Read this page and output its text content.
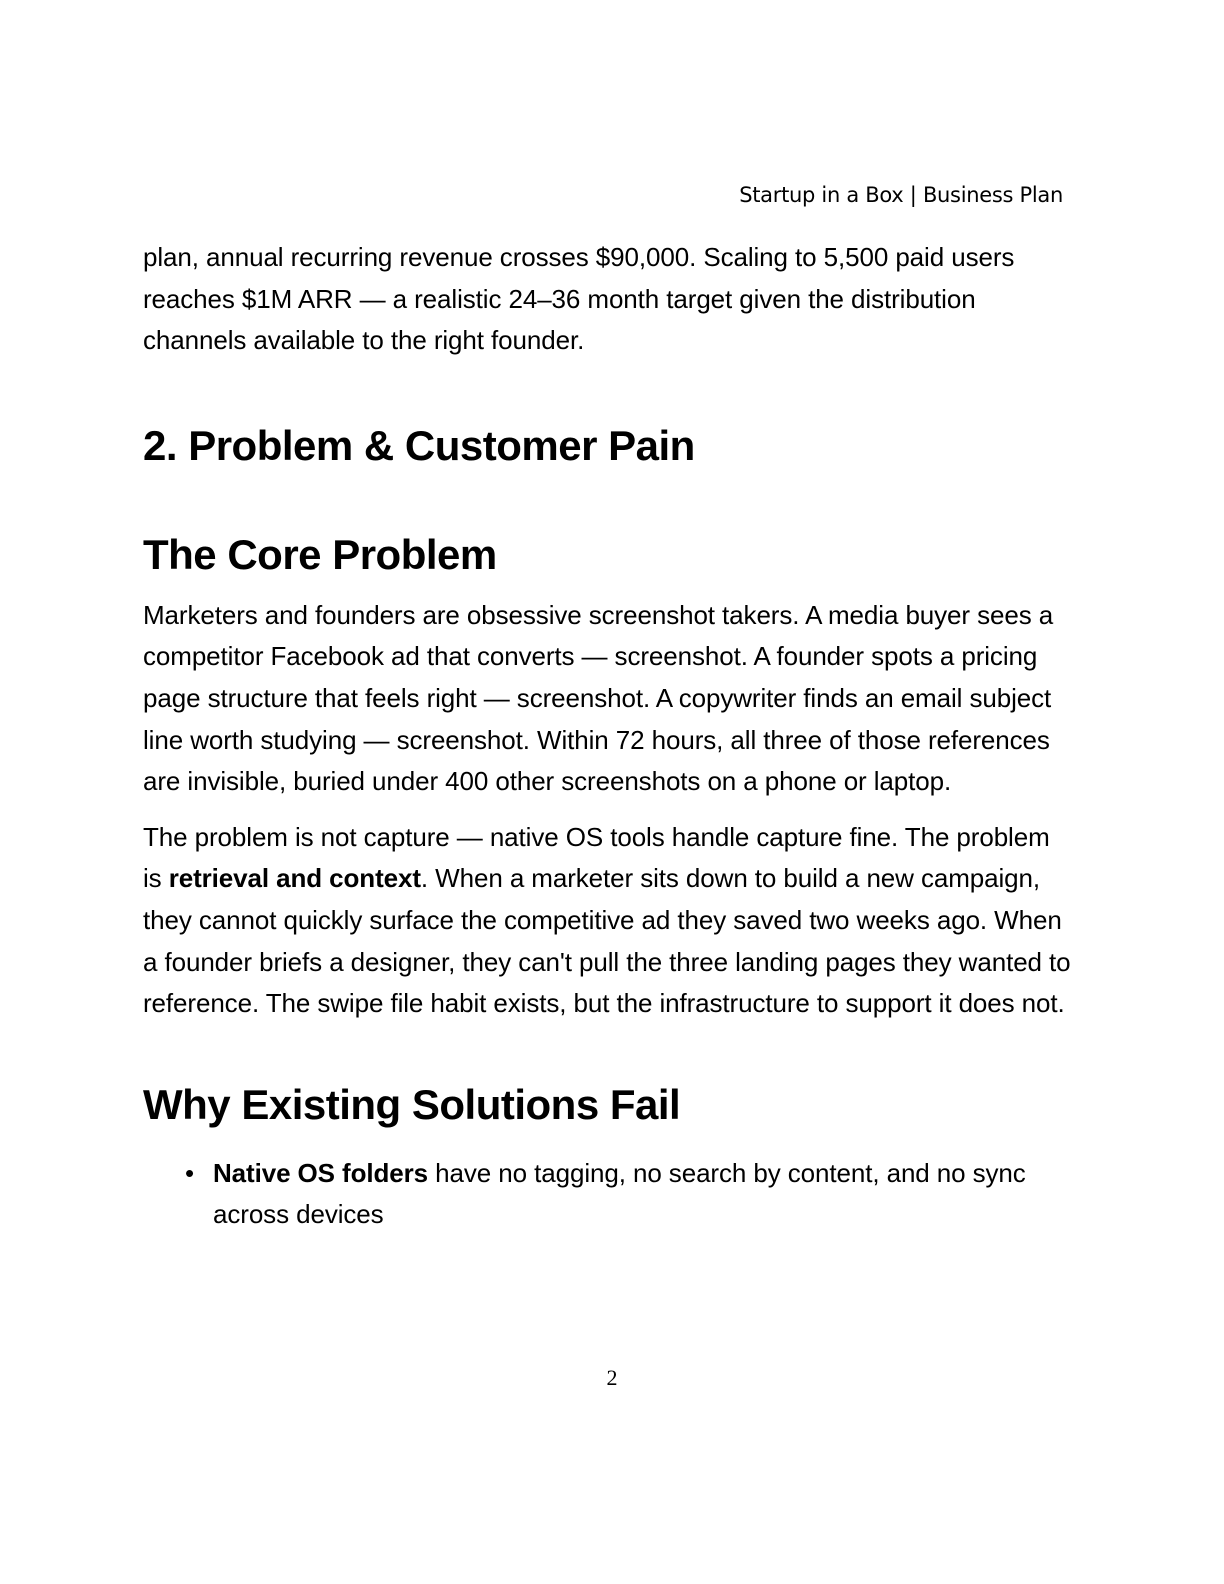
Startup in a Box | Business Plan

plan, annual recurring revenue crosses $90,000. Scaling to 5,500 paid users reaches $1M ARR — a realistic 24–36 month target given the distribution channels available to the right founder.

2. Problem & Customer Pain
The Core Problem

Marketers and founders are obsessive screenshot takers. A media buyer sees a competitor Facebook ad that converts — screenshot. A founder spots a pricing page structure that feels right — screenshot. A copywriter finds an email subject line worth studying — screenshot. Within 72 hours, all three of those references are invisible, buried under 400 other screenshots on a phone or laptop.

The problem is not capture — native OS tools handle capture fine. The problem is retrieval and context. When a marketer sits down to build a new campaign, they cannot quickly surface the competitive ad they saved two weeks ago. When a founder briefs a designer, they can't pull the three landing pages they wanted to reference. The swipe file habit exists, but the infrastructure to support it does not.

Why Existing Solutions Fail
• Native OS folders have no tagging, no search by content, and no sync across devices
2
